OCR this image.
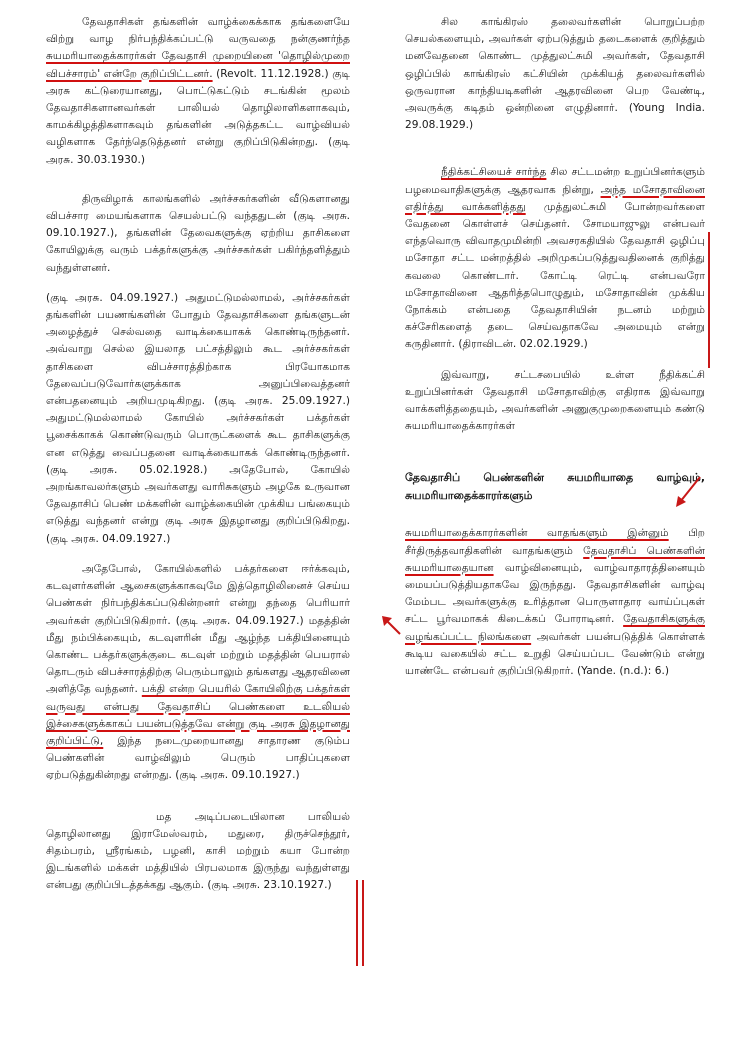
தேவதாசிகள் தங்களின் வாழ்க்கைக்காக தங்களையே விற்று வாழ நிர்பந்திக்கப்பட்டு வருவதை நன்குணர்ந்த சுயமரியாதைக்காரர்கள் தேவதாசி முறையினை 'தொழில்முறை விபச்சாரம்' என்றே குறிப்பிட்டனர். (Revolt. 11.12.1928.) குடி அரசு கட்டுரையானது, பொட்டுகட்டும் சடங்கின் மூலம் தேவதாசிகளானவர்கள் பாலியல் தொழிலாளிகளாகவும், காமக்கிழத்திகளாகவும் தங்களின் அடுத்தகட்ட வாழ்வியல் வழிகளாக தேர்ந்தெடுத்தனர் என்று குறிப்பிடுகின்றது. (குடி அரசு. 30.03.1930.)

திருவிழாக் காலங்களில் அர்ச்சகர்களின் வீடுகளானது விபச்சார மையங்களாக செயல்பட்டு வந்ததுடன் (குடி அரசு. 09.10.1927.), தங்களின் தேவைகளுக்கு ஏற்றிய தாசிகளை கோயிலுக்கு வரும் பக்தர்களுக்கு அர்ச்சகர்கள் பகிர்ந்தளித்தும் வந்துள்ளனர்.

(குடி அரசு. 04.09.1927.) அதுமட்டுமல்லாமல், அர்ச்சகர்கள் தங்களின் பயணங்களின் போதும் தேவதாசிகளை தங்களுடன் அழைத்துச் செல்வதை வாடிக்கையாகக் கொண்டிருந்தனர். அவ்வாறு செல்ல இயலாத பட்சத்திலும் கூட அர்ச்சகர்கள் தாசிகளை விபச்சாரத்திற்காக பிரயோகமாக தேவைப்படுவோர்களுக்காக அனுப்பிவைத்தனர் என்பதனையும் அறியமுடிகிறது. (குடி அரசு. 25.09.1927.) அதுமட்டுமல்லாமல் கோயில் அர்ச்சகர்கள் பக்தர்கள் பூசைக்காகக் கொண்டுவரும் பொருட்களைக் கூட தாசிகளுக்கு என எடுத்து வைப்பதனை வாடிக்கையாகக் கொண்டிருந்தனர். (குடி அரசு. 05.02.1928.) அதேபோல், கோயில் அறங்காவலர்களும் அவர்களது வாரிசுகளும் அழகே உருவான தேவதாசிப் பெண் மக்களின் வாழ்க்கையின் முக்கிய பங்கையும் எடுத்து வந்தனர் என்று குடி அரசு இதழானது குறிப்பிடுகிறது. (குடி அரசு. 04.09.1927.)

அதேபோல், கோயில்களில் பக்தர்களை ஈர்க்கவும், கடவுளர்களின் ஆசைகளுக்காகவுமே இத்தொழிலினைச் செய்ய பெண்கள் நிர்பந்திக்கப்படுகின்றனர் என்று தந்தை பெரியார் அவர்கள் குறிப்பிடுகிறார். (குடி அரசு. 04.09.1927.) மதத்தின் மீது நம்பிக்கையும், கடவுளரின் மீது ஆழ்ந்த பக்தியினையும் கொண்ட பக்தர்களுக்குடை கடவுள் மற்றும் மதத்தின் பெயரால் தொடரும் விபச்சாரத்திற்கு பெரும்பாலும் தங்களது ஆதரவினை அளித்தே வந்தனர். பக்தி என்ற பெயரில் கோயிலிற்கு பக்தர்கள் வருவது என்பது தேவதாசிப் பெண்களை உடலியல் இச்சைகளுக்காகப் பயன்படுத்தவே என்று குடி அரசு இதழானது குறிப்பிட்டு, இந்த நடைமுறையானது சாதாரண குடும்ப பெண்களின் வாழ்விலும் பெரும் பாதிப்புகளை ஏற்படுத்துகின்றது என்றது. (குடி அரசு. 09.10.1927.)

மத அடிப்படையிலான பாலியல் தொழிலானது இராமேஸ்வரம், மதுரை, திருச்செந்தூர், சிதம்பரம், ஸ்ரீரங்கம், பழனி, காசி மற்றும் கயா போன்ற இடங்களில் மக்கள் மத்தியில் பிரபலமாக இருந்து வந்துள்ளது என்பது குறிப்பிடத்தக்கது ஆகும். (குடி அரசு. 23.10.1927.)

சில காங்கிரஸ் தலைவர்களின் பொறுப்பற்ற செயல்களையும், அவர்கள் ஏற்படுத்தும் தடைகளைக் குறித்தும் மனவேதனை கொண்ட முத்துலட்சுமி அவர்கள், தேவதாசி ஒழிப்பில் காங்கிரஸ் கட்சியின் முக்கியத் தலைவர்களில் ஒருவரான காந்தியடிகளின் ஆதரவினை பெற வேண்டி, அவருக்கு கடிதம் ஒன்றினை எழுதினார். (Young India. 29.08.1929.)

நீதிக்கட்சியைச் சார்ந்த சில சட்டமன்ற உறுப்பினர்களும் பழமைவாதிகளுக்கு ஆதரவாக நின்று, அந்த மசோதாவினை எதிர்த்து வாக்களித்தது முத்துலட்சுமி போன்றவர்களை வேதனை கொள்ளச் செய்தனர். சோமயாஜுலு என்பவர் எந்தவொரு விவாதமுமின்றி அவசரகதியில் தேவதாசி ஒழிப்பு மசோதா சட்ட மன்றத்தில் அறிமுகப்படுத்துவதினைக் குறித்து கவலை கொண்டார். கோட்டி ரெட்டி என்பவரோ மசோதாவினை ஆதரித்தபொழுதும், மசோதாவின் முக்கிய நோக்கம் என்பதை தேவதாசியின் நடனம் மற்றும் கச்சேரிகளைத் தடை செய்வதாகவே அமையும் என்று கருதினார். (திராவிடன். 02.02.1929.)

இவ்வாறு, சட்டசபையில் உள்ள நீதிக்கட்சி உறுப்பினர்கள் தேவதாசி மசோதாவிற்கு எதிராக இவ்வாறு வாக்களித்ததையும், அவர்களின் அணுகுமுறைகளையும் கண்டு சுயமரியாதைக்காரர்கள்

தேவதாசிப் பெண்களின் சுயமரியாதை வாழ்வும், சுயமரியாதைக்காரர்களும்

சுயமரியாதைக்காரர்களின் வாதங்களும் இன்னும் பிற சீர்திருத்தவாதிகளின் வாதங்களும் தேவதாசிப் பெண்களின் சுயமரியாதையான வாழ்வினையும், வாழ்வாதாரத்தினையும் மையப்படுத்தியதாகவே இருந்தது. தேவதாசிகளின் வாழ்வு மேம்பட அவர்களுக்கு உரித்தான பொருளாதார வாய்ப்புகள் சட்ட பூர்வமாகக் கிடைக்கப் போராடினர். தேவதாசிகளுக்கு வழங்கப்பட்ட நிலங்களை அவர்கள் பயன்படுத்திக் கொள்ளக் கூடிய வகையில் சட்ட உறுதி செய்யப்பட வேண்டும் என்று யாண்டே என்பவர் குறிப்பிடுகிறார். (Yande. (n.d.): 6.)
